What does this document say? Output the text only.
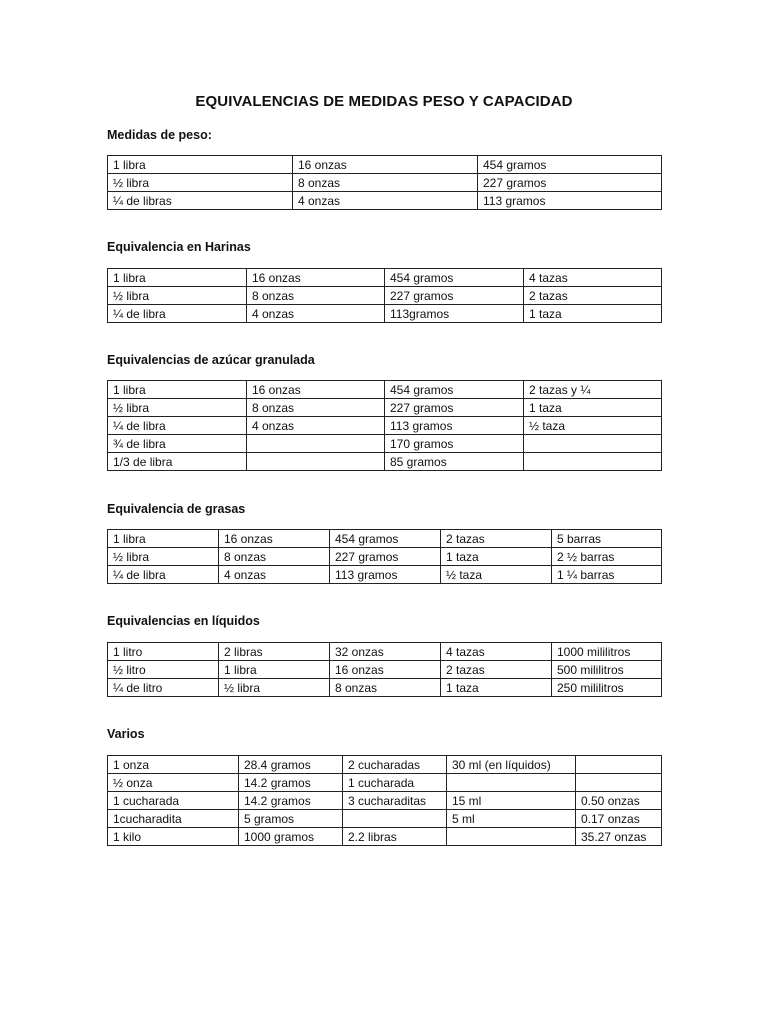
EQUIVALENCIAS DE MEDIDAS PESO Y CAPACIDAD
Medidas de peso:
1 libra	16 onzas	454 gramos
½ libra	8 onzas	227 gramos
¼ de libras	4 onzas	113 gramos
Equivalencia en Harinas
1 libra	16 onzas	454 gramos	4 tazas
½ libra	8 onzas	227 gramos	2 tazas
¼ de libra	4 onzas	113gramos	1 taza
Equivalencias de azúcar granulada
1 libra	16 onzas	454 gramos	2 tazas y ¼
½ libra	8 onzas	227 gramos	1 taza
¼ de libra	4 onzas	113 gramos	½ taza
¾ de libra		170 gramos	
1/3 de libra		85 gramos	
Equivalencia de grasas
1 libra	16 onzas	454 gramos	2 tazas	5 barras
½ libra	8 onzas	227 gramos	1 taza	2 ½ barras
¼ de libra	4 onzas	113 gramos	½ taza	1 ¼ barras
Equivalencias en líquidos
1 litro	2 libras	32 onzas	4 tazas	1000 mililitros
½ litro	1 libra	16 onzas	2 tazas	500 mililitros
¼ de litro	½ libra	8 onzas	1 taza	250 mililitros
Varios
1 onza	28.4 gramos	2 cucharadas	30 ml (en líquidos)	
½ onza	14.2 gramos	1 cucharada		
1 cucharada	14.2 gramos	3 cucharaditas	15 ml	0.50 onzas
1cucharadita	5 gramos		5 ml	0.17 onzas
1 kilo	1000 gramos	2.2 libras		35.27 onzas
